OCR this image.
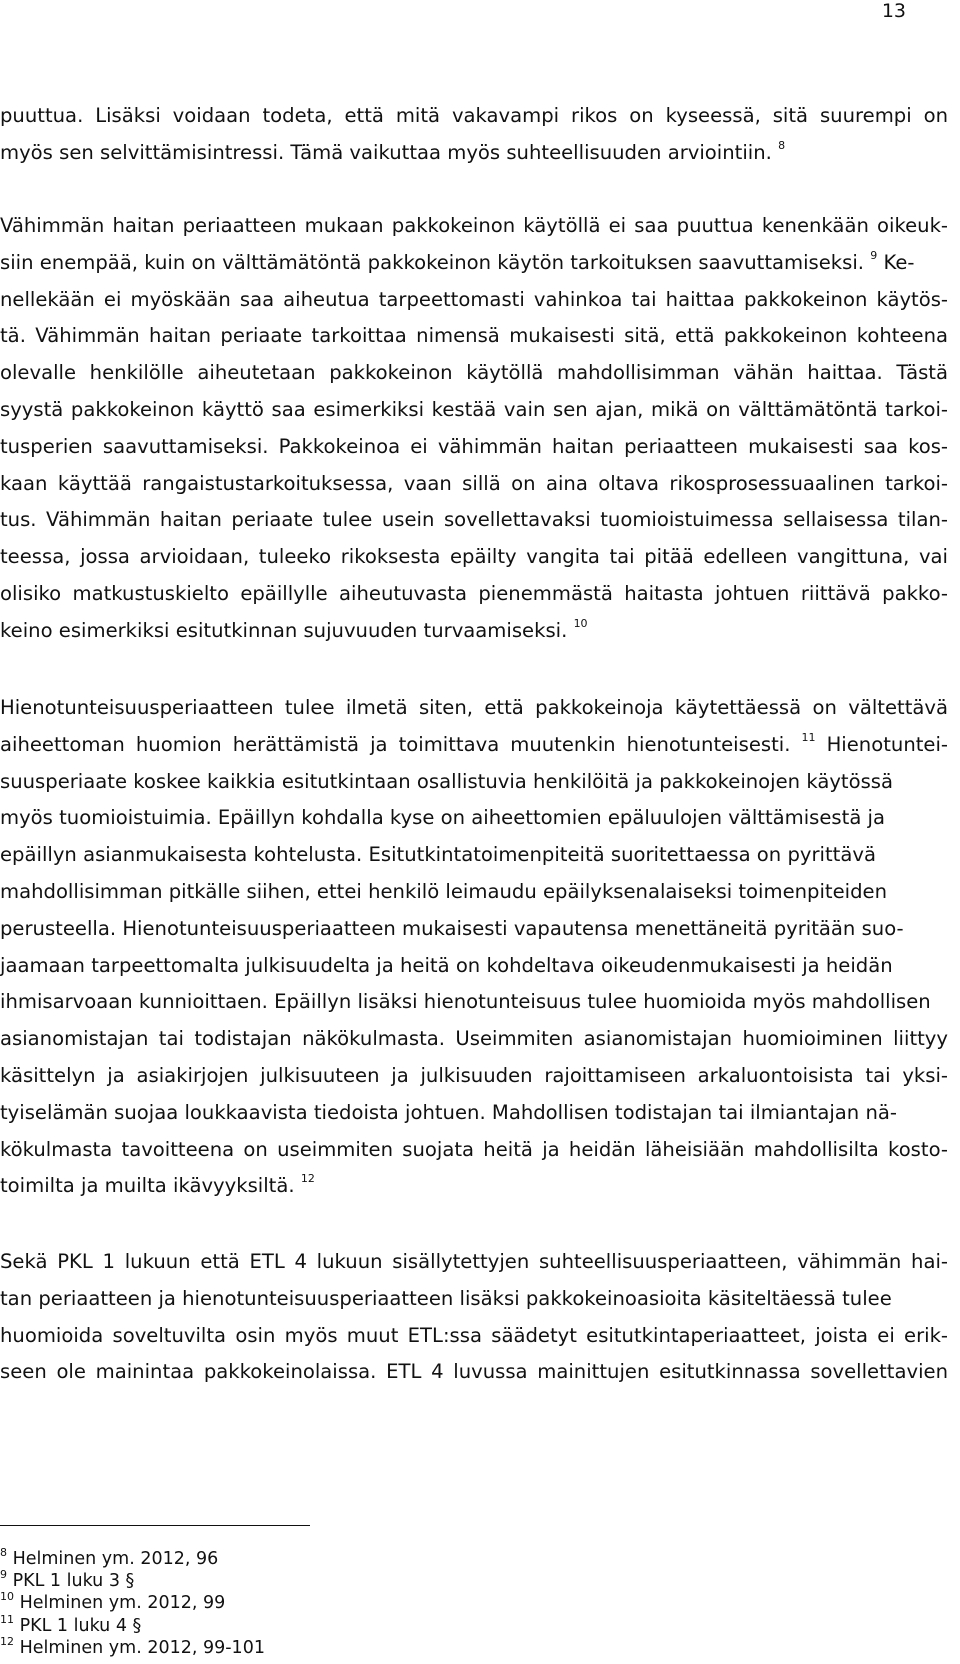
13
puuttua. Lisäksi voidaan todeta, että mitä vakavampi rikos on kyseessä, sitä suurempi on
myös sen selvittämisintressi. Tämä vaikuttaa myös suhteellisuuden arviointiin. $^8$
Vähimmän haitan periaatteen mukaan pakkokeinon käytöllä ei saa puuttua kenenkään oikeuk-
siin enempää, kuin on välttämätöntä pakkokeinon käytön tarkoituksen saavuttamiseksi. $^9$ Ke-
nellekään ei myöskään saa aiheutua tarpeettomasti vahinkoa tai haittaa pakkokeinon käytös-
tä. Vähimmän haitan periaate tarkoittaa nimensä mukaisesti sitä, että pakkokeinon kohteena
olevalle henkilölle aiheutetaan pakkokeinon käytöllä mahdollisimman vähän haittaa. Tästä
syystä pakkokeinon käyttö saa esimerkiksi kestää vain sen ajan, mikä on välttämätöntä tarkoi-
tusperien saavuttamiseksi. Pakkokeinoa ei vähimmän haitan periaatteen mukaisesti saa kos-
kaan käyttää rangaistustarkoituksessa, vaan sillä on aina oltava rikosprosessuaalinen tarkoi-
tus. Vähimmän haitan periaate tulee usein sovellettavaksi tuomioistuimessa sellaisessa tilan-
teessa, jossa arvioidaan, tuleeko rikoksesta epäilty vangita tai pitää edelleen vangittuna, vai
olisiko matkustuskielto epäillylle aiheutuvasta pienemmästä haitasta johtuen riittävä pakko-
keino esimerkiksi esitutkinnan sujuvuuden turvaamiseksi. $^{10}$
Hienotunteisuusperiaatteen tulee ilmetä siten, että pakkokeinoja käytettäessä on vältettävä
aiheettoman huomion herättämistä ja toimittava muutenkin hienotunteisesti. $^{11}$ Hienotuntei-
suusperiaate koskee kaikkia esitutkintaan osallistuvia henkilöitä ja pakkokeinojen käytössä
myös tuomioistuimia. Epäillyn kohdalla kyse on aiheettomien epäluulojen välttämisestä ja
epäillyn asianmukaisesta kohtelusta. Esitutkintatoimenpiteitä suoritettaessa on pyrittävä
mahdollisimman pitkälle siihen, ettei henkilö leimaudu epäilyksenalaiseksi toimenpiteiden
perusteella. Hienotunteisuusperiaatteen mukaisesti vapautensa menettäneitä pyritään suo-
jaamaan tarpeettomalta julkisuudelta ja heitä on kohdeltava oikeudenmukaisesti ja heidän
ihmisarvoaan kunnioittaen. Epäillyn lisäksi hienotunteisuus tulee huomioida myös mahdollisen
asianomistajan tai todistajan näkökulmasta. Useimmiten asianomistajan huomioiminen liittyy
käsittelyn ja asiakirjojen julkisuuteen ja julkisuuden rajoittamiseen arkaluontoisista tai yksi-
tyiselämän suojaa loukkaavista tiedoista johtuen. Mahdollisen todistajan tai ilmiantajan nä-
kökulmasta tavoitteena on useimmiten suojata heitä ja heidän läheisiään mahdollisilta kosto-
toimilta ja muilta ikävyyksiltä. $^{12}$
Sekä PKL 1 lukuun että ETL 4 lukuun sisällytettyjen suhteellisuusperiaatteen, vähimmän hai-
tan periaatteen ja hienotunteisuusperiaatteen lisäksi pakkokeinoasioita käsiteltäessä tulee
huomioida soveltuvilta osin myös muut ETL:ssa säädetyt esitutkintaperiaatteet, joista ei erik-
seen ole mainintaa pakkokeinolaissa. ETL 4 luvussa mainittujen esitutkinnassa sovellettavien
$^8$ Helminen ym. 2012, 96
$^9$ PKL 1 luku 3 §
$^{10}$ Helminen ym. 2012, 99
$^{11}$ PKL 1 luku 4 §
$^{12}$ Helminen ym. 2012, 99-101
